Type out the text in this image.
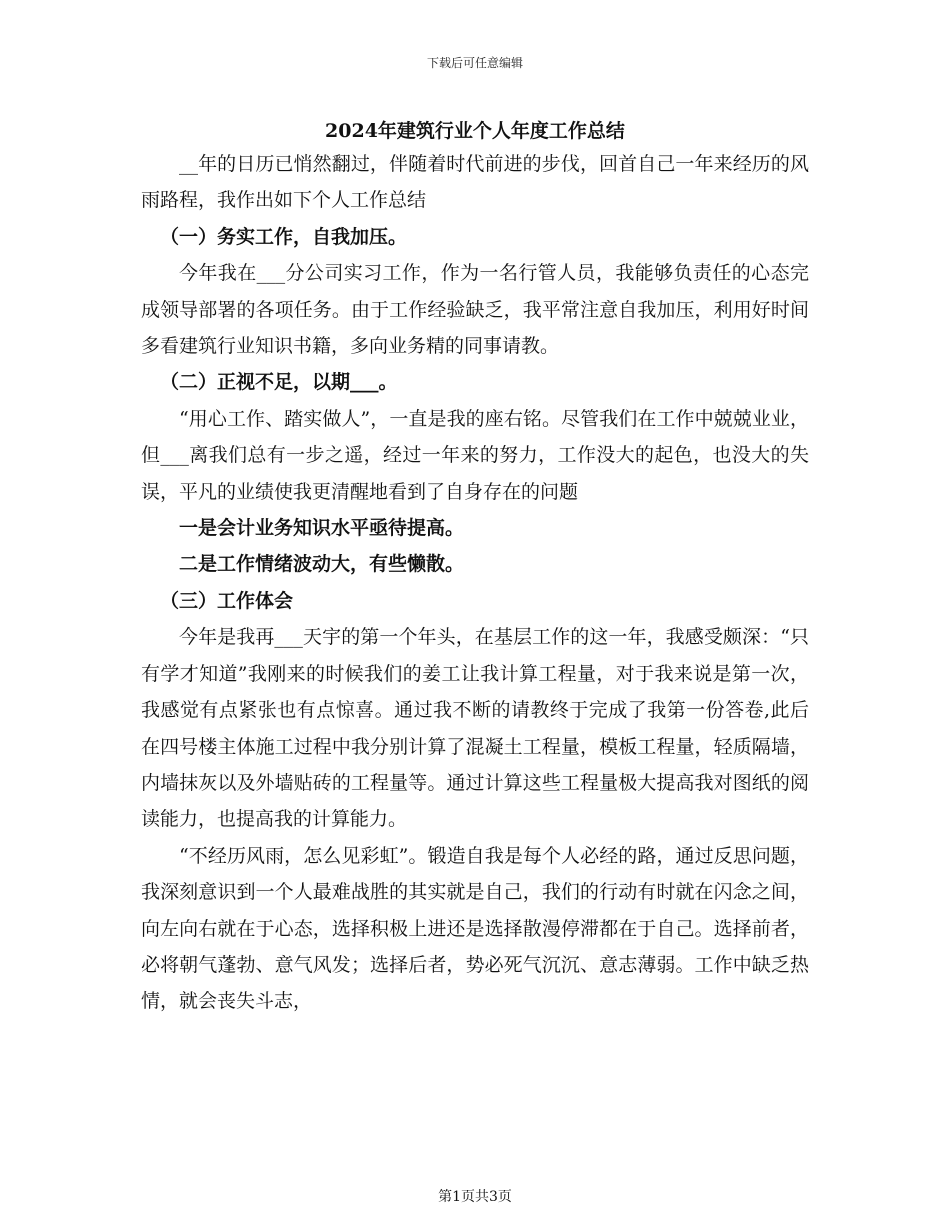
下载后可任意编辑
2024年建筑行业个人年度工作总结

__年的日历已悄然翻过，伴随着时代前进的步伐，回首自己一年来经历的风雨路程，我作出如下个人工作总结

（一）务实工作，自我加压。

今年我在___分公司实习工作，作为一名行管人员，我能够负责任的心态完成领导部署的各项任务。由于工作经验缺乏，我平常注意自我加压，利用好时间多看建筑行业知识书籍，多向业务精的同事请教。

（二）正视不足，以期___。

“用心工作、踏实做人”，一直是我的座右铭。尽管我们在工作中兢兢业业，但___离我们总有一步之遥，经过一年来的努力，工作没大的起色，也没大的失误，平凡的业绩使我更清醒地看到了自身存在的问题

一是会计业务知识水平亟待提高。

二是工作情绪波动大，有些懒散。

（三）工作体会

今年是我再___天宇的第一个年头，在基层工作的这一年，我感受颇深：“只有学才知道”我刚来的时候我们的姜工让我计算工程量，对于我来说是第一次，我感觉有点紧张也有点惊喜。通过我不断的请教终于完成了我第一份答卷,此后在四号楼主体施工过程中我分别计算了混凝土工程量，模板工程量，轻质隔墙，内墙抹灰以及外墙贴砖的工程量等。通过计算这些工程量极大提高我对图纸的阅读能力，也提高我的计算能力。

“不经历风雨，怎么见彩虹”。锻造自我是每个人必经的路，通过反思问题，我深刻意识到一个人最难战胜的其实就是自己，我们的行动有时就在闪念之间，向左向右就在于心态，选择积极上进还是选择散漫停滞都在于自己。选择前者，必将朝气蓬勃、意气风发；选择后者，势必死气沉沉、意志薄弱。工作中缺乏热情，就会丧失斗志，

第1页共3页
